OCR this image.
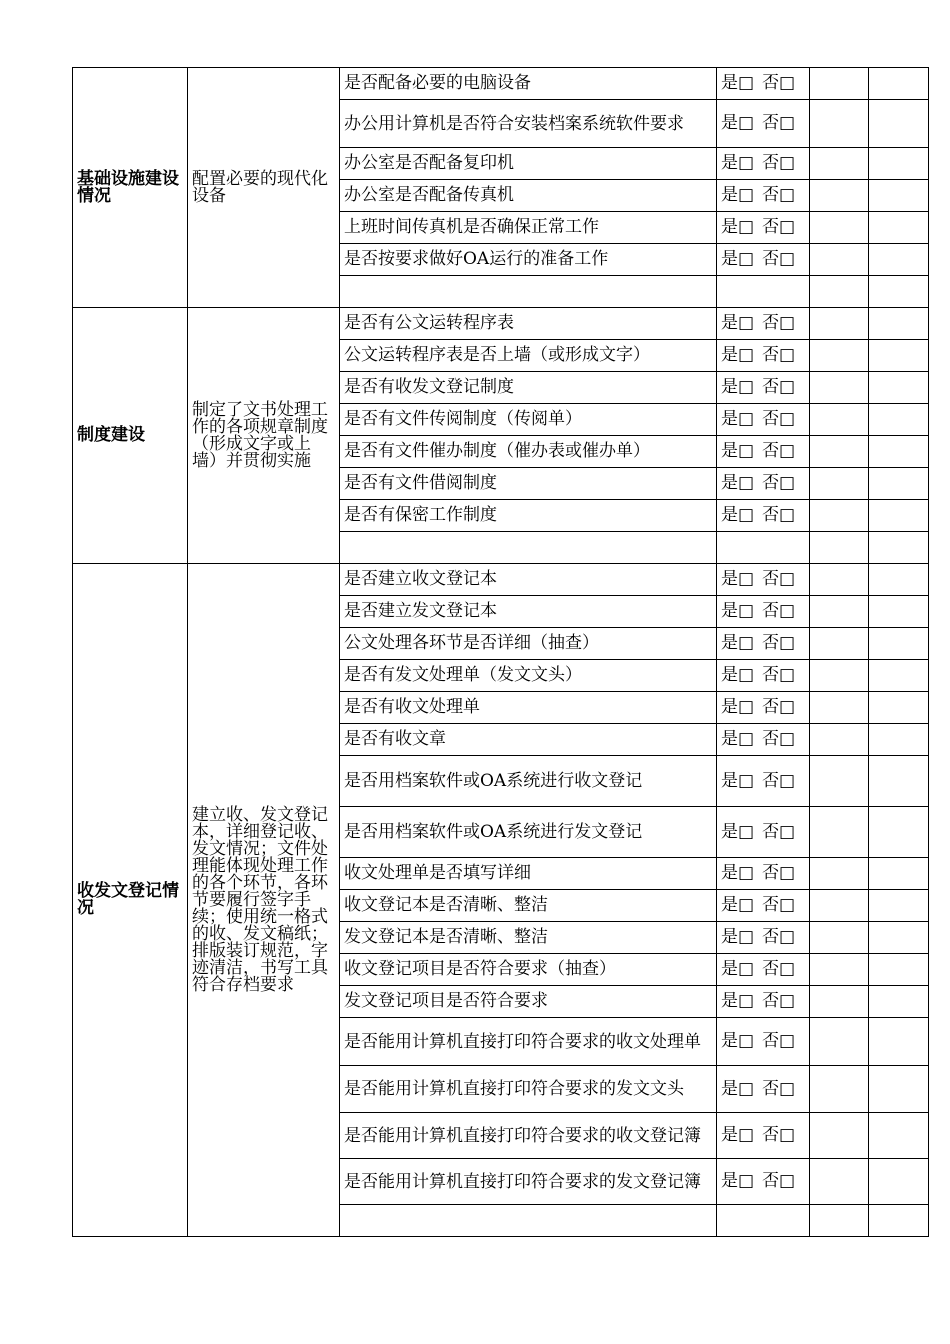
基础设施建设情况	配置必要的现代化设备	是否配备必要的电脑设备	是□ 否□		
		办公用计算机是否符合安装档案系统软件要求	是□ 否□		
		办公室是否配备复印机	是□ 否□		
		办公室是否配备传真机	是□ 否□		
		上班时间传真机是否确保正常工作	是□ 否□		
		是否按要求做好OA运行的准备工作	是□ 否□		

制度建设	制定了文书处理工作的各项规章制度（形成文字或上墙）并贯彻实施	是否有公文运转程序表	是□ 否□		
		公文运转程序表是否上墙（或形成文字）	是□ 否□		
		是否有收发文登记制度	是□ 否□		
		是否有文件传阅制度（传阅单）	是□ 否□		
		是否有文件催办制度（催办表或催办单）	是□ 否□		
		是否有文件借阅制度	是□ 否□		
		是否有保密工作制度	是□ 否□		

收发文登记情况	建立收、发文登记本，详细登记收、发文情况；文件处理能体现处理工作的各个环节，各环节要履行签字手续；使用统一格式的收、发文稿纸；排版装订规范，字迹清洁，书写工具符合存档要求	是否建立收文登记本	是□ 否□		
		是否建立发文登记本	是□ 否□		
		公文处理各环节是否详细（抽查）	是□ 否□		
		是否有发文处理单（发文文头）	是□ 否□		
		是否有收文处理单	是□ 否□		
		是否有收文章	是□ 否□		
		是否用档案软件或OA系统进行收文登记	是□ 否□		
		是否用档案软件或OA系统进行发文登记	是□ 否□		
		收文处理单是否填写详细	是□ 否□		
		收文登记本是否清晰、整洁	是□ 否□		
		发文登记本是否清晰、整洁	是□ 否□		
		收文登记项目是否符合要求（抽查）	是□ 否□		
		发文登记项目是否符合要求	是□ 否□		
		是否能用计算机直接打印符合要求的收文处理单	是□ 否□		
		是否能用计算机直接打印符合要求的发文文头	是□ 否□		
		是否能用计算机直接打印符合要求的收文登记簿	是□ 否□		
		是否能用计算机直接打印符合要求的发文登记簿	是□ 否□		
